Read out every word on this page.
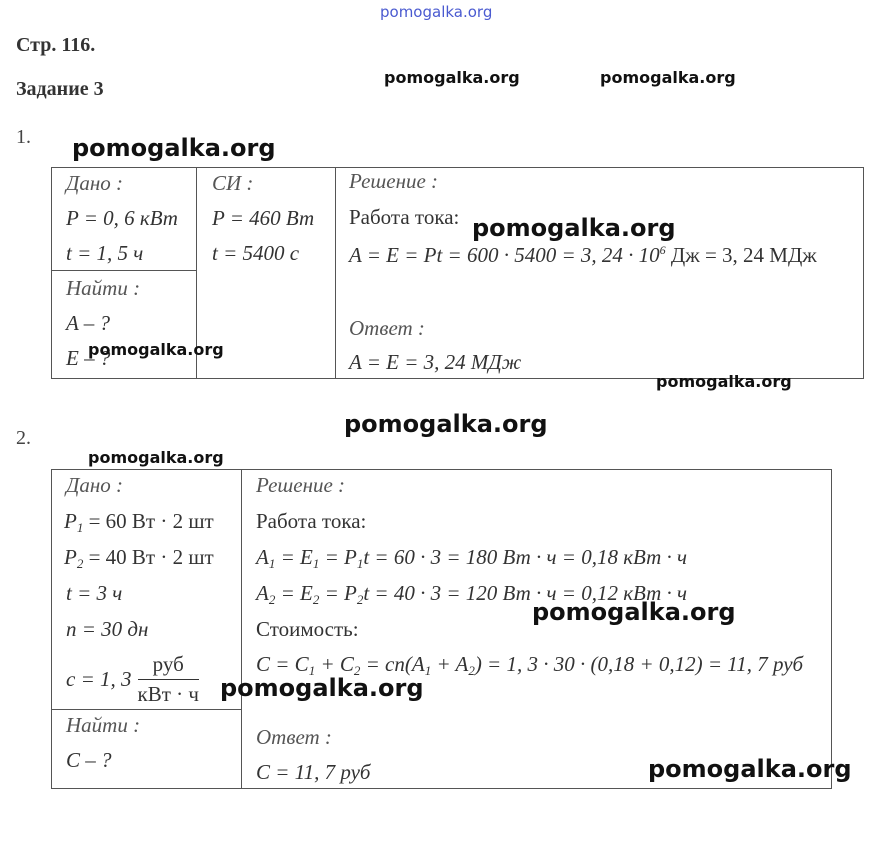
pomogalka.org
Стр. 116.
Задание 3
pomogalka.org	pomogalka.org
1. pomogalka.org
Дано :
P = 0, 6 кВт
t = 1, 5 ч
СИ :
P = 460 Вт
t = 5400 с
Найти :
A – ?
E – ?
Решение :
Работа тока:
A = E = Pt = 600 · 5400 = 3, $24 \cdot 10^6$ Дж = 3, 24 МДж
Ответ :
A = E = 3, 24 МДж
pomogalka.org
pomogalka.org
pomogalka.org
2.	pomogalka.org
pomogalka.org
Дано :
$P_1 = 60$ Вт · 2 шт
$P_2 = 40$ Вт · 2 шт
t = 3 ч
n = 30 дн
c = 1, $3 \frac{\text{руб}}{\text{кВт · ч}}$
Найти :
C – ?
Решение :
Работа тока:
$A_1 = E_1 = P_1t = 60 \cdot 3 = 180$ Вт · ч = 0,18 кВт · ч
$A_2 = E_2 = P_2t = 40 \cdot 3 = 120$ Вт · ч = 0,12 кВт · ч
Стоимость:
$C = C_1 + C_2 = cn(A_1 + A_2) = 1$, 3 · 30 · (0,18 + 0,12) = 11, 7 руб
Ответ :
C = 11, 7 руб
pomogalka.org
pomogalka.org
pomogalka.org
